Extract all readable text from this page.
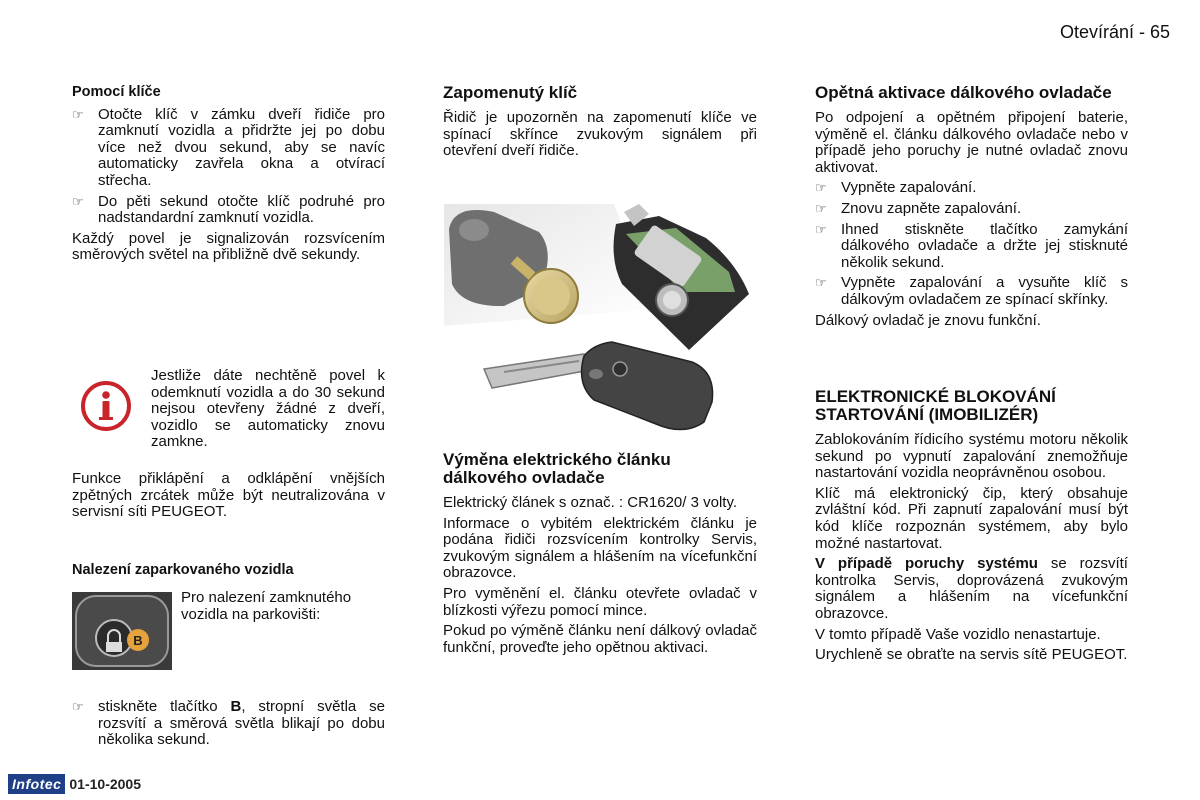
Otevírání - 65
Pomocí klíče
☞ Otočte klíč v zámku dveří řidiče pro zamknutí vozidla a přidržte jej po dobu více než dvou sekund, aby se navíc automaticky zavřela okna a otvírací střecha.
☞ Do pěti sekund otočte klíč podruhé pro nadstandardní zamknutí vozidla.

Každý povel je signalizován rozsvícením směrových světel na přibližně dvě sekundy.

Jestliže dáte nechtěně povel k odemknutí vozidla a do 30 sekund nejsou otevřeny žádné z dveří, vozidlo se automaticky znovu zamkne.
Funkce přiklápění a odklápění vnějších zpětných zrcátek může být neutralizována v servisní síti PEUGEOT.
Nalezení zaparkovaného vozidla
B
Pro nalezení zamknutého vozidla na parkovišti:
☞ stiskněte tlačítko B, stropní světla se rozsvítí a směrová světla blikají po dobu několika sekund.
Zapomenutý klíč

Řidič je upozorněn na zapomenutí klíče ve spínací skřínce zvukovým signálem při otevření dveří řidiče.

Výměna elektrického článku dálkového ovladače

Elektrický článek s označ. : CR1620/ 3 volty.

Informace o vybitém elektrickém článku je podána řidiči rozsvícením kontrolky Servis, zvukovým signálem a hlášením na vícefunkční obrazovce.

Pro vyměnění el. článku otevřete ovladač v blízkosti výřezu pomocí mince.

Pokud po výměně článku není dálkový ovladač funkční, proveďte jeho opětnou aktivaci.

Opětná aktivace dálkového ovladače

Po odpojení a opětném připojení baterie, výměně el. článku dálkového ovladače nebo v případě jeho poruchy je nutné ovladač znovu aktivovat.

☞ Vypněte zapalování.
☞ Znovu zapněte zapalování.
☞ Ihned stiskněte tlačítko zamykání dálkového ovladače a držte jej stisknuté několik sekund.
☞ Vypněte zapalování a vysuňte klíč s dálkovým ovladačem ze spínací skřínky.

Dálkový ovladač je znovu funkční.

ELEKTRONICKÉ BLOKOVÁNÍ STARTOVÁNÍ (IMOBILIZÉR)

Zablokováním řídicího systému motoru několik sekund po vypnutí zapalování znemožňuje nastartování vozidla neoprávněnou osobou.

Klíč má elektronický čip, který obsahuje zvláštní kód. Při zapnutí zapalování musí být kód klíče rozpoznán systémem, aby bylo možné nastartovat.

V případě poruchy systému se rozsvítí kontrolka Servis, doprovázená zvukovým signálem a hlášením na vícefunkční obrazovce.

V tomto případě Vaše vozidlo nenastartuje.

Urychleně se obraťte na servis sítě PEUGEOT.

Infotec 01-10-2005
